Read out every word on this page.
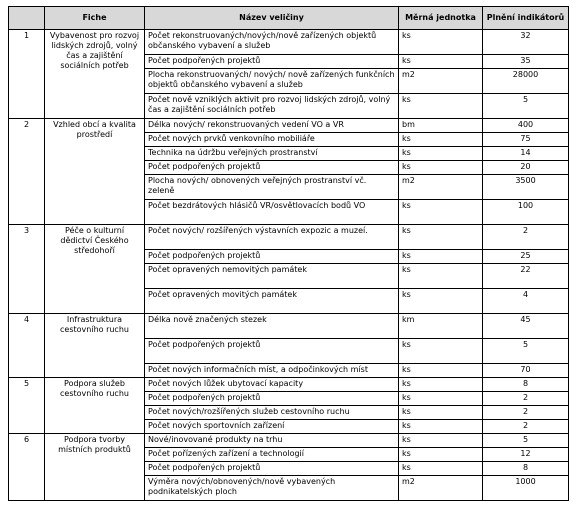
	Fiche	Název veličiny	Měrná jednotka	Plnění indikátorů
1	Vybavenost pro rozvoj lidských zdrojů, volný čas a zajištění sociálních potřeb	Počet rekonstruovaných/nových/nově zařízených objektů občanského vybavení a služeb	ks	32
		Počet podpořených projektů	ks	35
		Plocha rekonstruovaných/ nových/ nově zařízených funkčních objektů občanského vybavení a služeb	m2	28000
		Počet nově vzniklých aktivit pro rozvoj lidských zdrojů, volný čas a zajištění sociálních potřeb	ks	5
2	Vzhled obcí a kvalita prostředí	Délka nových/ rekonstruovaných vedení VO a VR	bm	400
		Počet nových prvků venkovního mobiliáře	ks	75
		Technika na údržbu veřejných prostranství	ks	14
		Počet podpořených projektů	ks	20
		Plocha nových/ obnovených veřejných prostranství vč. zeleně	m2	3500
		Počet bezdrátových hlásičů VR/osvětlovacích bodů VO	ks	100
3	Péče o kulturní dědictví Českého středohoří	Počet nových/ rozšířených výstavních expozic a muzeí.	ks	2
		Počet podpořených projektů	ks	25
		Počet opravených nemovitých památek	ks	22
		Počet opravených movitých památek	ks	4
4	Infrastruktura cestovního ruchu	Délka nově značených stezek	km	45
		Počet podpořených projektů	ks	5
		Počet nových informačních míst, a odpočinkových míst	ks	70
5	Podpora služeb cestovního ruchu	Počet nových lůžek ubytovací kapacity	ks	8
		Počet podpořených projektů	ks	2
		Počet nových/rozšířených služeb cestovního ruchu	ks	2
		Počet nových sportovních zařízení	ks	2
6	Podpora tvorby místních produktů	Nové/inovované produkty na trhu	ks	5
		Počet pořízených zařízení a technologií	ks	12
		Počet podpořených projektů	ks	8
		Výměra nových/obnovených/nově vybavených podnikatelských ploch	m2	1000
